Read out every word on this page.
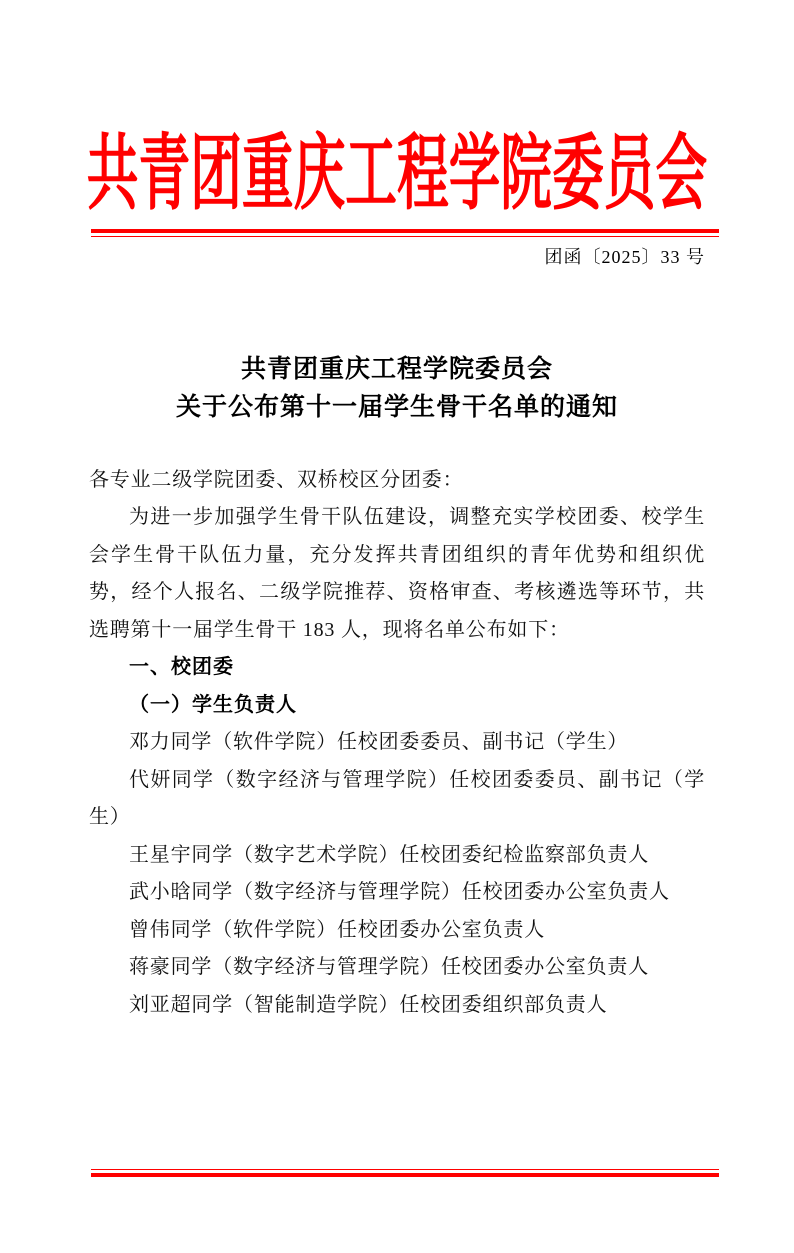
共青团重庆工程学院委员会
团函〔2025〕33 号
共青团重庆工程学院委员会
关于公布第十一届学生骨干名单的通知

各专业二级学院团委、双桥校区分团委：

为进一步加强学生骨干队伍建设，调整充实学校团委、校学生会学生骨干队伍力量，充分发挥共青团组织的青年优势和组织优势，经个人报名、二级学院推荐、资格审查、考核遴选等环节，共选聘第十一届学生骨干 183 人，现将名单公布如下：

一、校团委

（一）学生负责人

邓力同学（软件学院）任校团委委员、副书记（学生）

代妍同学（数字经济与管理学院）任校团委委员、副书记（学生）

王星宇同学（数字艺术学院）任校团委纪检监察部负责人

武小晗同学（数字经济与管理学院）任校团委办公室负责人

曾伟同学（软件学院）任校团委办公室负责人

蒋豪同学（数字经济与管理学院）任校团委办公室负责人

刘亚超同学（智能制造学院）任校团委组织部负责人
